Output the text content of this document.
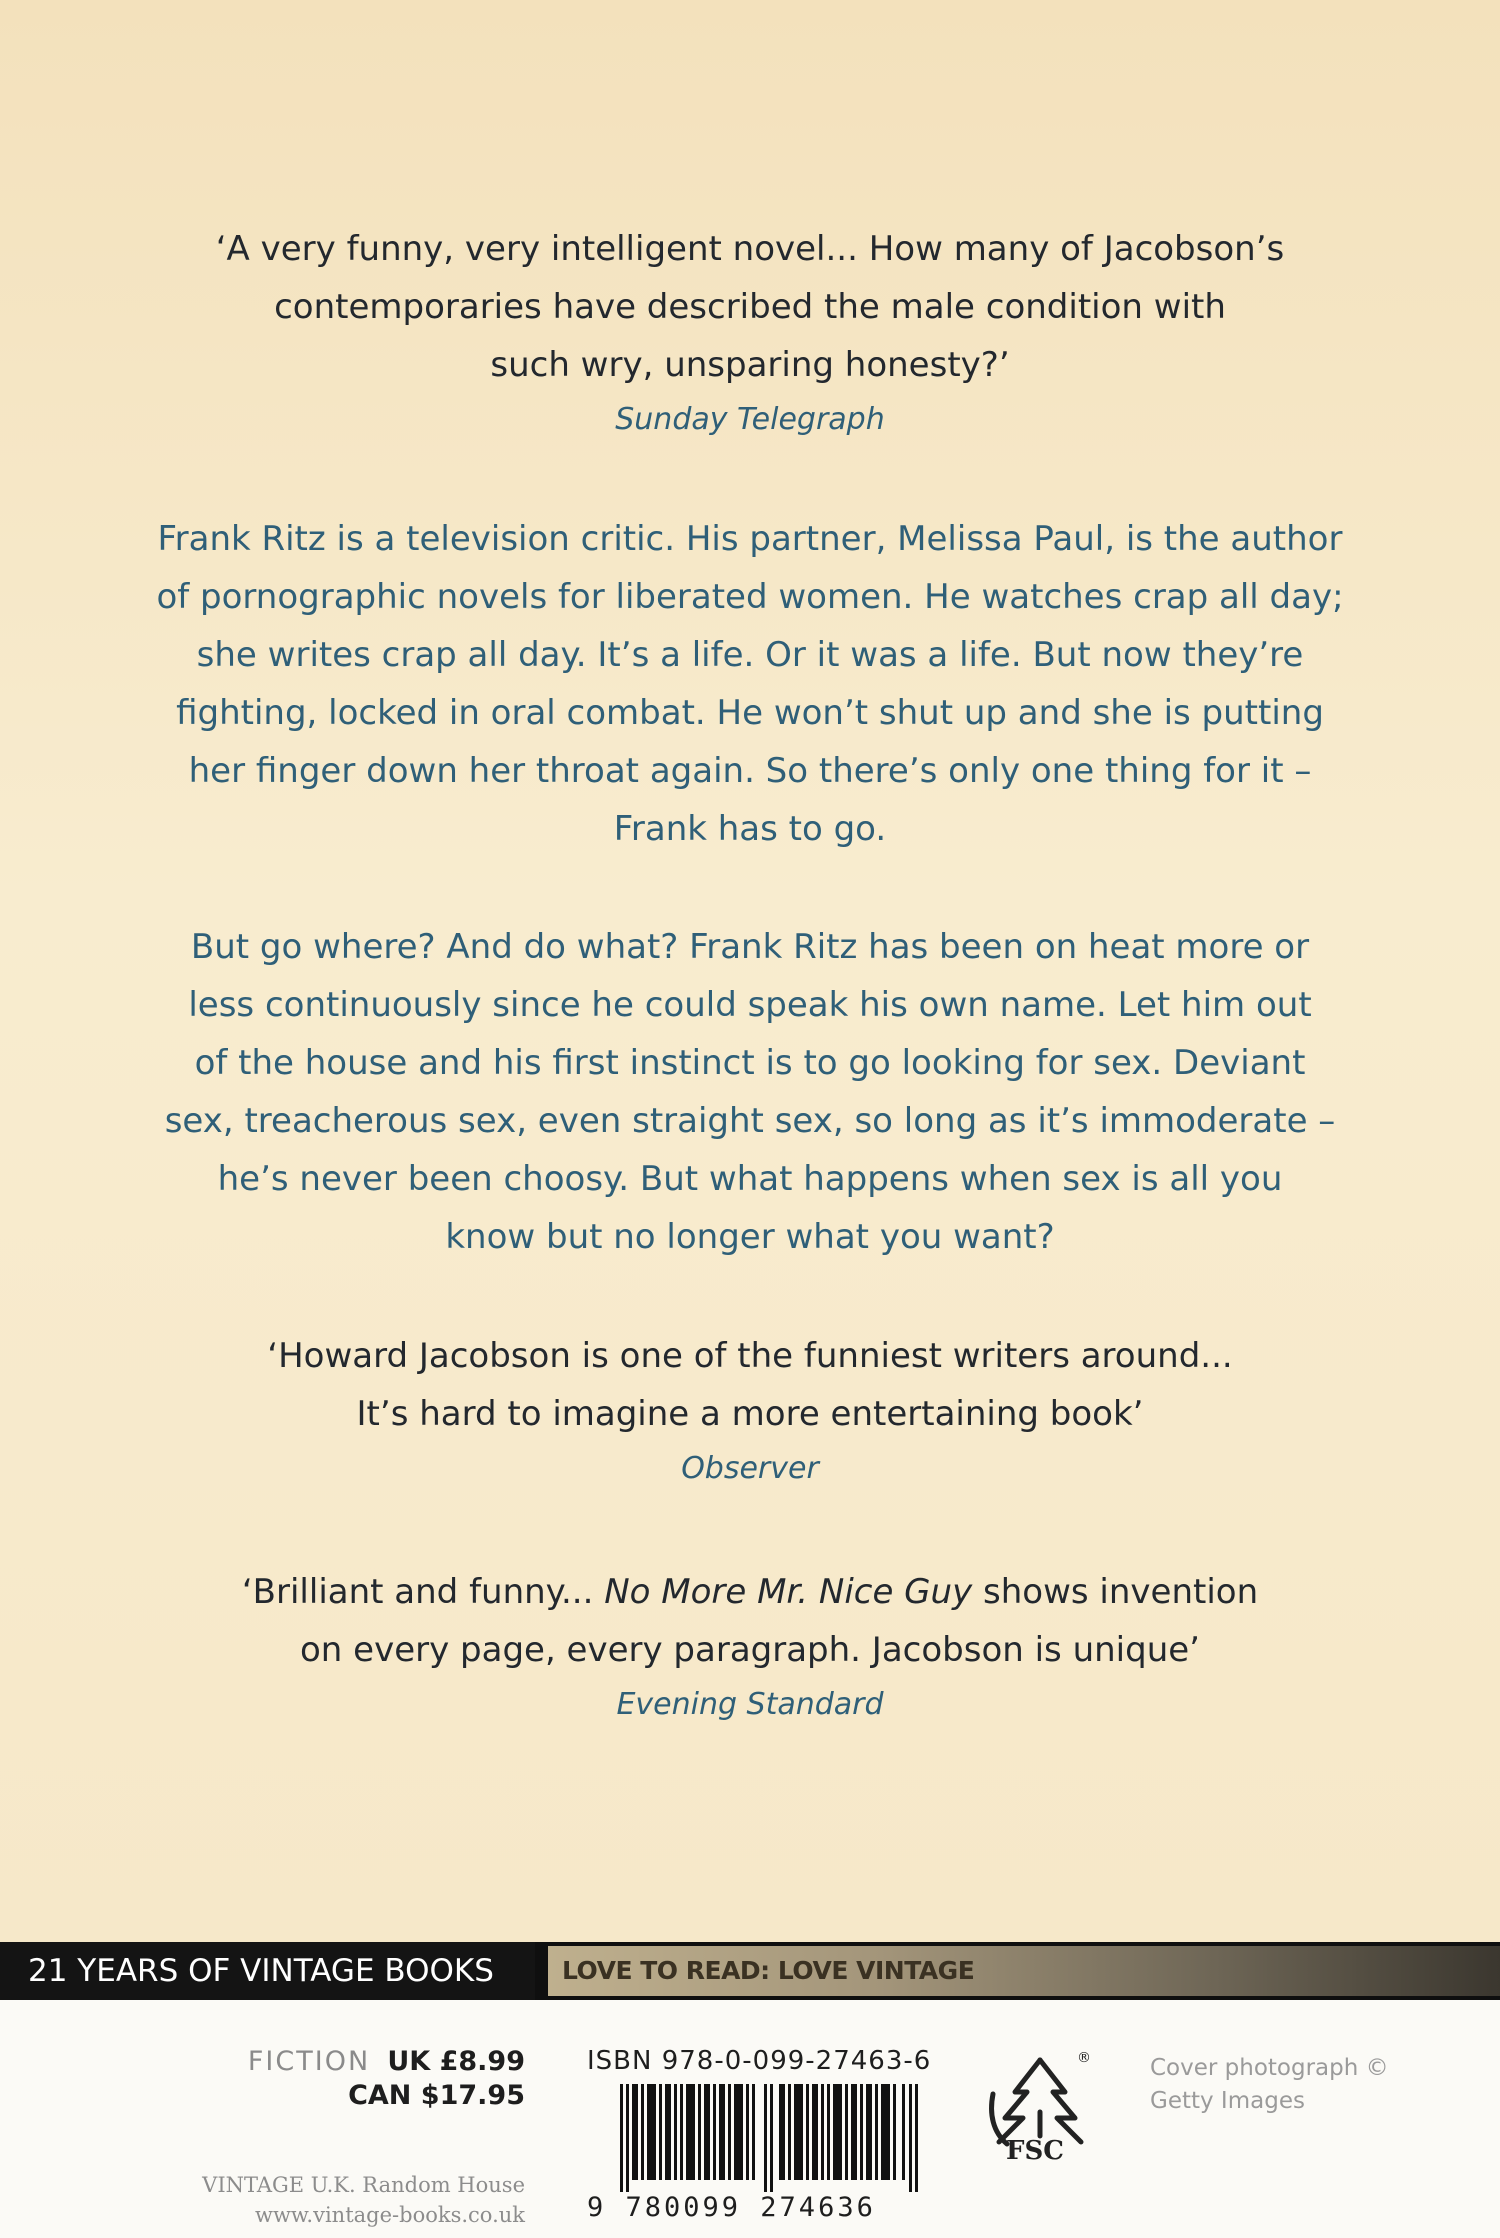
‘A very funny, very intelligent novel... How many of Jacobson’s

contemporaries have described the male condition with

such wry, unsparing honesty?’

Sunday Telegraph

Frank Ritz is a television critic. His partner, Melissa Paul, is the author

of pornographic novels for liberated women. He watches crap all day;

she writes crap all day. It’s a life. Or it was a life. But now they’re

fighting, locked in oral combat. He won’t shut up and she is putting

her finger down her throat again. So there’s only one thing for it –

Frank has to go.

But go where? And do what? Frank Ritz has been on heat more or

less continuously since he could speak his own name. Let him out

of the house and his first instinct is to go looking for sex. Deviant

sex, treacherous sex, even straight sex, so long as it’s immoderate –

he’s never been choosy. But what happens when sex is all you

know but no longer what you want?

‘Howard Jacobson is one of the funniest writers around...

It’s hard to imagine a more entertaining book’

Observer

‘Brilliant and funny... No More Mr. Nice Guy shows invention

on every page, every paragraph. Jacobson is unique’

Evening Standard

21 YEARS OF VINTAGE BOOKS	LOVE TO READ: LOVE VINTAGE
FICTION UK £8.99
CAN $17.95
VINTAGE U.K. Random House
www.vintage-books.co.uk
ISBN 978-0-099-27463-6
9 780099 274636
FSC
®	Cover photograph ©
Getty Images
